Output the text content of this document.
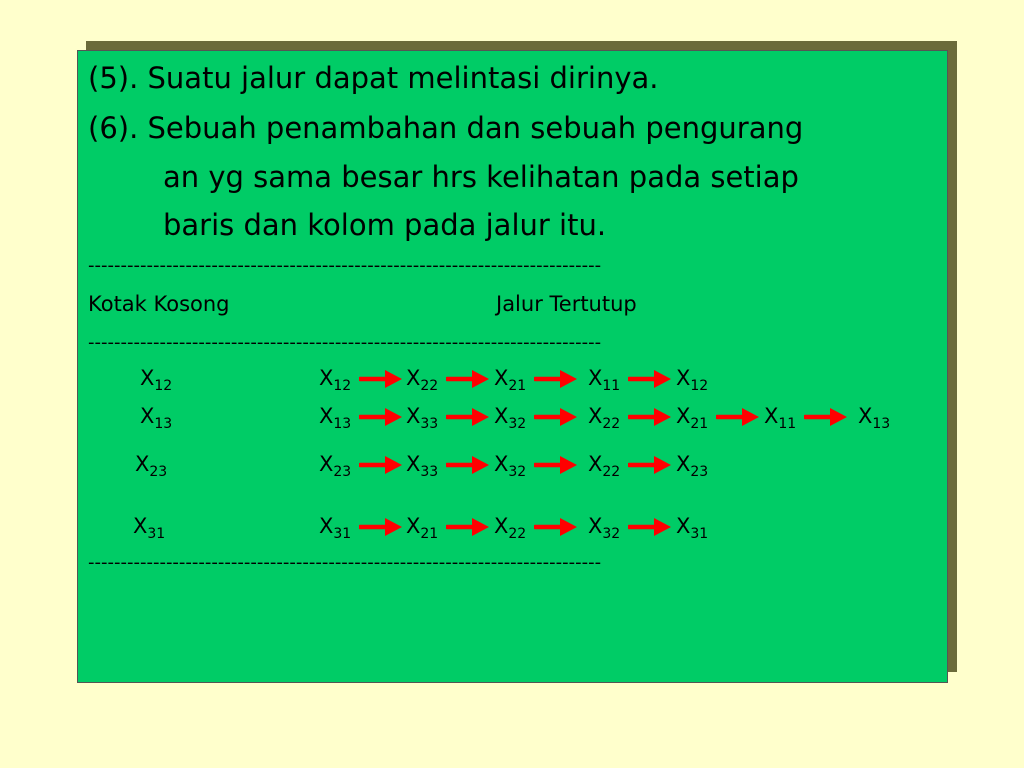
(5). Suatu jalur dapat melintasi dirinya.
(6). Sebuah penambahan dan sebuah pengurang
an yg sama besar hrs kelihatan pada setiap
baris dan kolom pada jalur itu.
-------------------------------------------------------------------------------
Kotak Kosong	Jalur Tertutup
-------------------------------------------------------------------------------
$X_{12}$	$X_{12}$	$X_{22}$	$X_{21}$	$X_{11}$	$X_{12}$
$X_{13}$	$X_{13}$	$X_{33}$	$X_{32}$	$X_{22}$	$X_{21}$	$X_{11}$	$X_{13}$
$X_{23}$	$X_{23}$	$X_{33}$	$X_{32}$	$X_{22}$	$X_{23}$
$X_{31}$	$X_{31}$	$X_{21}$	$X_{22}$	$X_{32}$	$X_{31}$
-------------------------------------------------------------------------------
